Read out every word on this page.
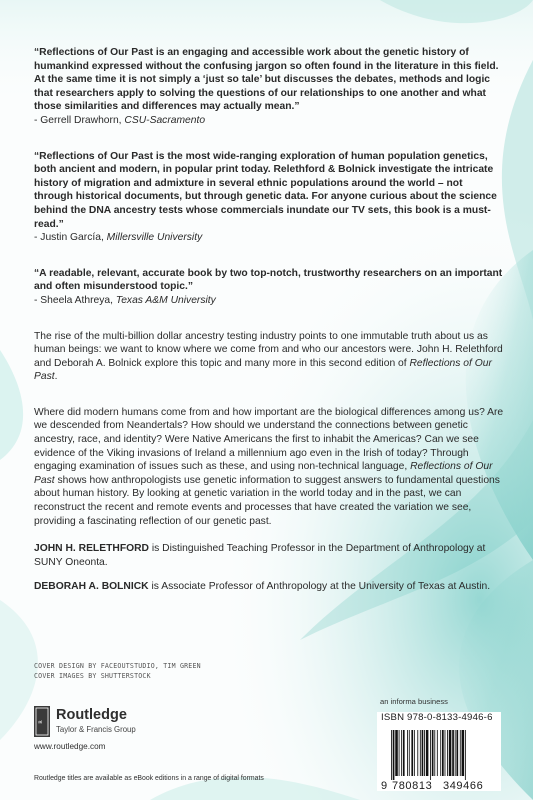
“Reflections of Our Past is an engaging and accessible work about the genetic history of humankind expressed without the confusing jargon so often found in the literature in this field. At the same time it is not simply a ‘just so tale’ but discusses the debates, methods and logic that researchers apply to solving the questions of our relationships to one another and what those similarities and differences may actually mean.”

- Gerrell Drawhorn, CSU-Sacramento

“Reflections of Our Past is the most wide-ranging exploration of human population genetics, both ancient and modern, in popular print today. Relethford & Bolnick investigate the intricate history of migration and admixture in several ethnic populations around the world – not through historical documents, but through genetic data. For anyone curious about the science behind the DNA ancestry tests whose commercials inundate our TV sets, this book is a must-read.”

- Justin García, Millersville University

“A readable, relevant, accurate book by two top-notch, trustworthy researchers on an important and often misunderstood topic.”

- Sheela Athreya, Texas A&M University

The rise of the multi-billion dollar ancestry testing industry points to one immutable truth about us as human beings: we want to know where we come from and who our ancestors were. John H. Relethford and Deborah A. Bolnick explore this topic and many more in this second edition of Reflections of Our Past.

Where did modern humans come from and how important are the biological differences among us? Are we descended from Neandertals? How should we understand the connections between genetic ancestry, race, and identity? Were Native Americans the first to inhabit the Americas? Can we see evidence of the Viking invasions of Ireland a millennium ago even in the Irish of today? Through engaging examination of issues such as these, and using non-technical language, Reflections of Our Past shows how anthropologists use genetic information to suggest answers to fundamental questions about human history. By looking at genetic variation in the world today and in the past, we can reconstruct the recent and remote events and processes that have created the variation we see, providing a fascinating reflection of our genetic past.

JOHN H. RELETHFORD is Distinguished Teaching Professor in the Department of Anthropology at SUNY Oneonta.

DEBORAH A. BOLNICK is Associate Professor of Anthropology at the University of Texas at Austin.

COVER DESIGN BY FACEOUTSTUDIO, TIM GREEN

COVER IMAGES BY SHUTTERSTOCK

R Routledge
Taylor & Francis Group
www.routledge.com
Routledge titles are available as eBook editions in a range of digital formats
an informa business
ISBN 978-0-8133-4946-6
9 780813 349466
